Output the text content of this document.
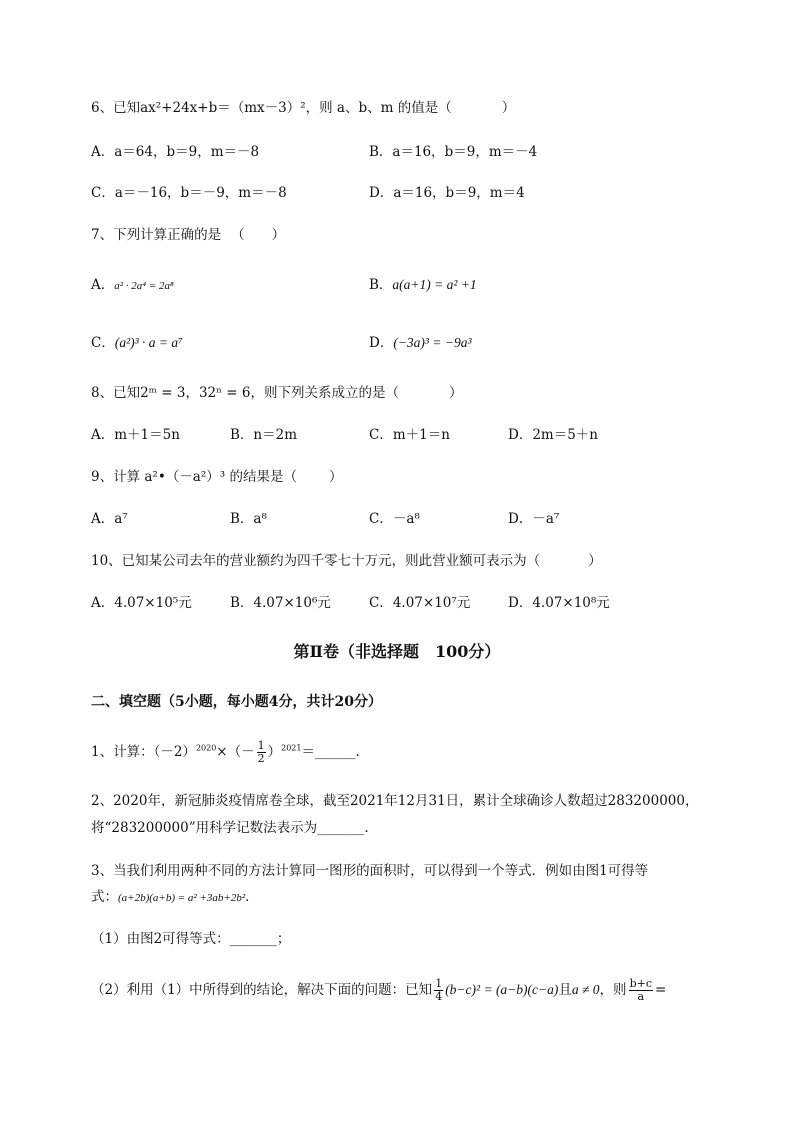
6、已知ax²+24x+b＝（mx－3）²，则 a、b、m 的值是（	）
A．a＝64，b＝9，m＝－8	B．a＝16，b＝9，m＝－4
C．a＝－16，b＝－9，m＝－8	D．a＝16，b＝9，m＝4
7、下列计算正确的是 （　　）
A．a² · 2a⁴ = 2a⁸	B．a(a+1) = a² +1
C．(a²)³ · a = a⁷	D．(−3a)³ = −9a³
8、已知2ᵐ = 3，32ⁿ = 6，则下列关系成立的是（	）
A．m＋1＝5n	B．n＝2m	C．m＋1＝n	D．2m＝5＋n
9、计算 a²•（－a²）³ 的结果是（ ）
A．a⁷	B．a⁸	C．－a⁸	D．－a⁷
10、已知某公司去年的营业额约为四千零七十万元，则此营业额可表示为（	）
A．4.07×10⁵元	B．4.07×10⁶元	C．4.07×10⁷元	D．4.07×10⁸元
第Ⅱ卷（非选择题　100分）
二、填空题（5小题，每小题4分，共计20分）
1、计算：$(-2)^{2020}\times(- \frac{1}{2}$ ）$^{2021}=\_\_\_\_\_\_$.
2、2020年，新冠肺炎疫情席卷全球，截至2021年12月31日，累计全球确诊人数超过283200000，
将“283200000”用科学记数法表示为_______.
3、当我们利用两种不同的方法计算同一图形的面积时，可以得到一个等式．例如由图1可得等
式：(a+2b)(a+b) = a² +3ab+2b²．
（1）由图2可得等式：_______；
（2）利用（1）中所得到的结论，解决下面的问题：已知 $\frac{1}{4} (b-c)^2 = (a-b)(c-a)$且a ≠ 0，则 $\frac{b+c}{a}$ =
